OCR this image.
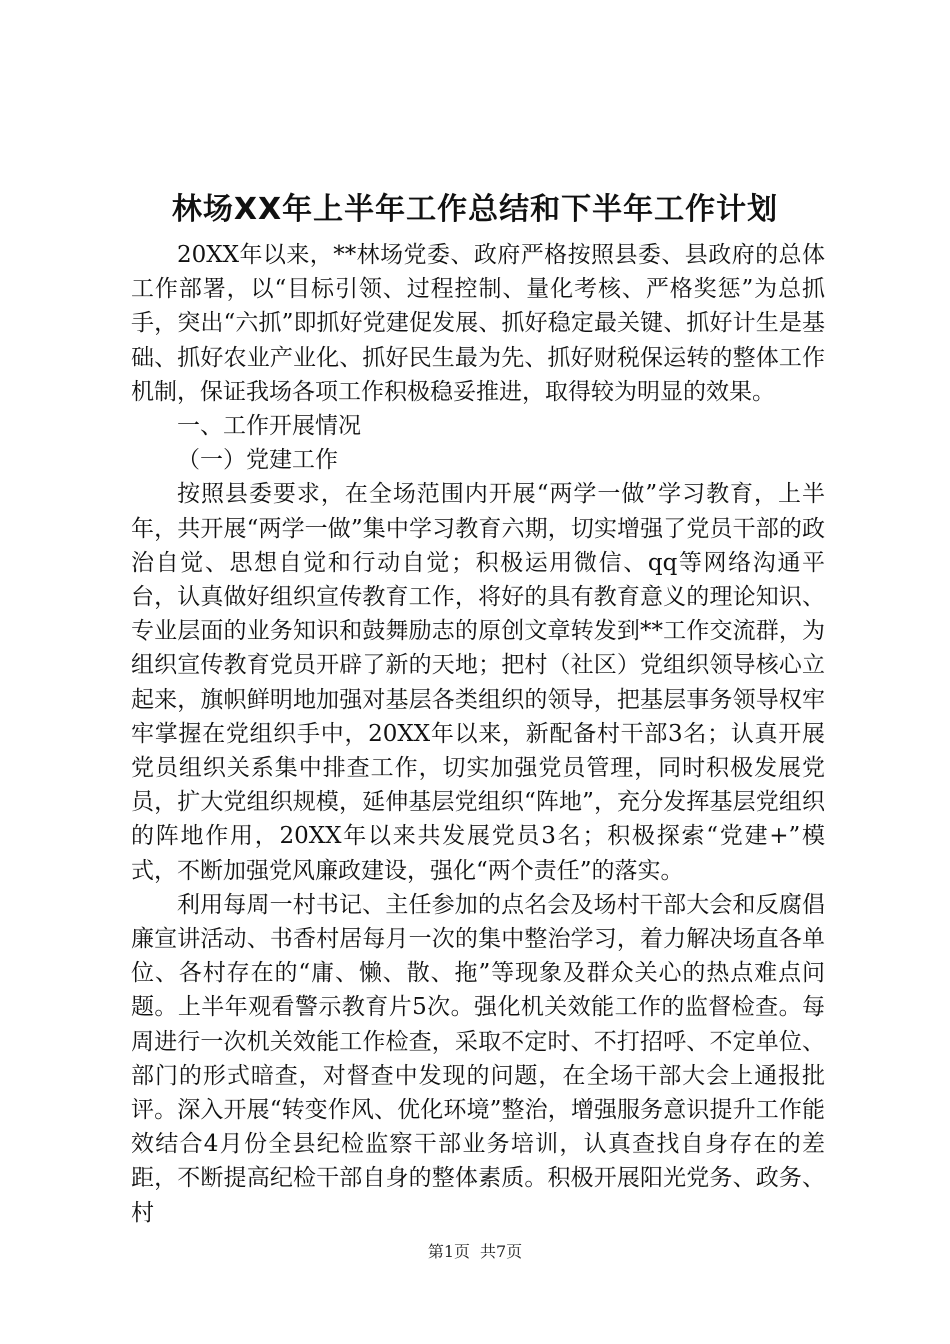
林场XX年上半年工作总结和下半年工作计划

20XX年以来，**林场党委、政府严格按照县委、县政府的总体工作部署，以“目标引领、过程控制、量化考核、严格奖惩”为总抓手，突出“六抓”即抓好党建促发展、抓好稳定最关键、抓好计生是基础、抓好农业产业化、抓好民生最为先、抓好财税保运转的整体工作机制，保证我场各项工作积极稳妥推进，取得较为明显的效果。

一、工作开展情况

（一）党建工作

按照县委要求，在全场范围内开展“两学一做”学习教育，上半年，共开展“两学一做”集中学习教育六期，切实增强了党员干部的政治自觉、思想自觉和行动自觉；积极运用微信、qq等网络沟通平台，认真做好组织宣传教育工作，将好的具有教育意义的理论知识、专业层面的业务知识和鼓舞励志的原创文章转发到**工作交流群，为组织宣传教育党员开辟了新的天地；把村（社区）党组织领导核心立起来，旗帜鲜明地加强对基层各类组织的领导，把基层事务领导权牢牢掌握在党组织手中，20XX年以来，新配备村干部3名；认真开展党员组织关系集中排查工作，切实加强党员管理，同时积极发展党员，扩大党组织规模，延伸基层党组织“阵地”，充分发挥基层党组织的阵地作用，20XX年以来共发展党员3名；积极探索“党建+”模式，不断加强党风廉政建设，强化“两个责任”的落实。

利用每周一村书记、主任参加的点名会及场村干部大会和反腐倡廉宣讲活动、书香村居每月一次的集中整治学习，着力解决场直各单位、各村存在的“庸、懒、散、拖”等现象及群众关心的热点难点问题。上半年观看警示教育片5次。强化机关效能工作的监督检查。每周进行一次机关效能工作检查，采取不定时、不打招呼、不定单位、部门的形式暗查，对督查中发现的问题，在全场干部大会上通报批评。深入开展“转变作风、优化环境”整治，增强服务意识提升工作能效结合4月份全县纪检监察干部业务培训，认真查找自身存在的差距，不断提高纪检干部自身的整体素质。积极开展阳光党务、政务、村

第1页 共7页
